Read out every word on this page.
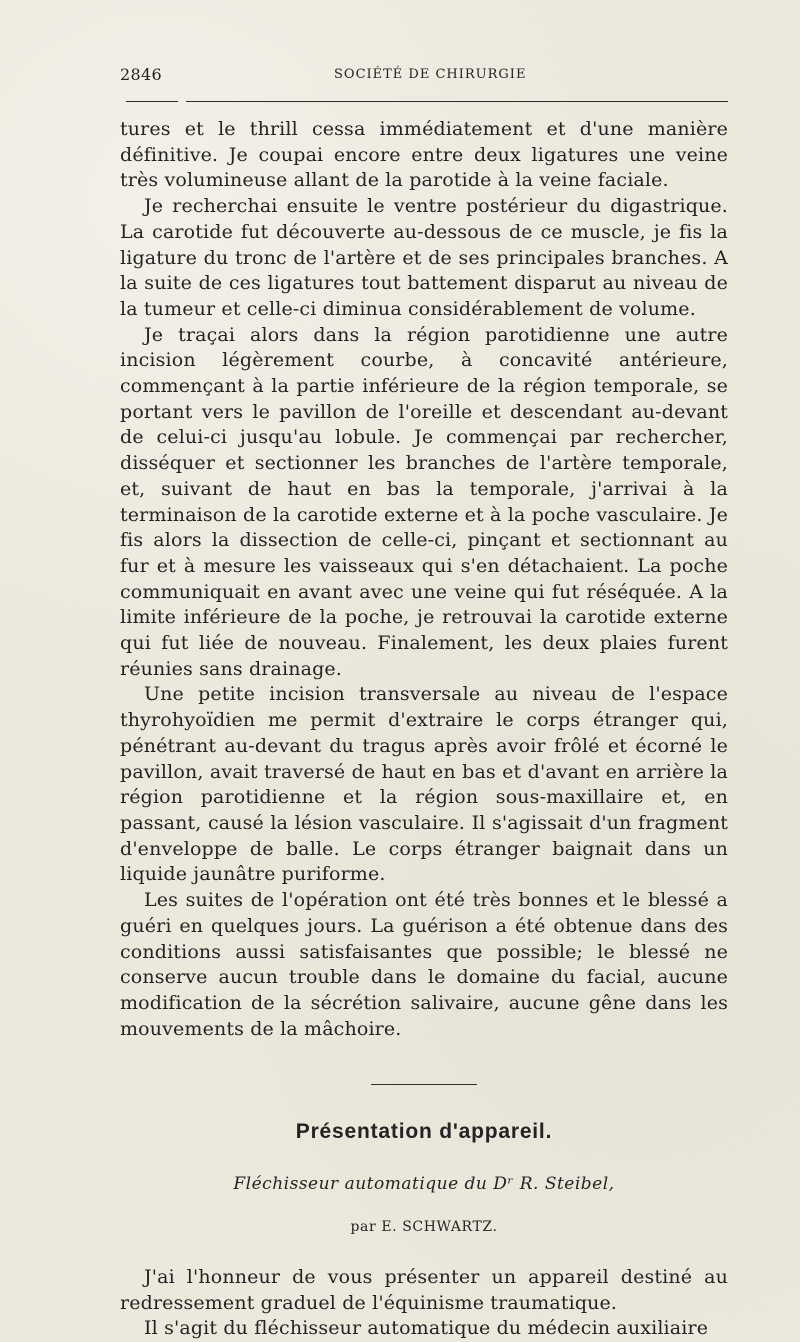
2846	SOCIÉTÉ DE CHIRURGIE

tures et le thrill cessa immédiatement et d'une manière définitive. Je coupai encore entre deux ligatures une veine très volumineuse allant de la parotide à la veine faciale.

Je recherchai ensuite le ventre postérieur du digastrique. La carotide fut découverte au-dessous de ce muscle, je fis la ligature du tronc de l'artère et de ses principales branches. A la suite de ces ligatures tout battement disparut au niveau de la tumeur et celle-ci diminua considérablement de volume.

Je traçai alors dans la région parotidienne une autre incision légèrement courbe, à concavité antérieure, commençant à la partie inférieure de la région temporale, se portant vers le pavillon de l'oreille et descendant au-devant de celui-ci jusqu'au lobule. Je commençai par rechercher, disséquer et sectionner les branches de l'artère temporale, et, suivant de haut en bas la temporale, j'arrivai à la terminaison de la carotide externe et à la poche vasculaire. Je fis alors la dissection de celle-ci, pinçant et sectionnant au fur et à mesure les vaisseaux qui s'en détachaient. La poche communiquait en avant avec une veine qui fut réséquée. A la limite inférieure de la poche, je retrouvai la carotide externe qui fut liée de nouveau. Finalement, les deux plaies furent réunies sans drainage.

Une petite incision transversale au niveau de l'espace thyrohyoïdien me permit d'extraire le corps étranger qui, pénétrant au-devant du tragus après avoir frôlé et écorné le pavillon, avait traversé de haut en bas et d'avant en arrière la région parotidienne et la région sous-maxillaire et, en passant, causé la lésion vasculaire. Il s'agissait d'un fragment d'enveloppe de balle. Le corps étranger baignait dans un liquide jaunâtre puriforme.

Les suites de l'opération ont été très bonnes et le blessé a guéri en quelques jours. La guérison a été obtenue dans des conditions aussi satisfaisantes que possible; le blessé ne conserve aucun trouble dans le domaine du facial, aucune modification de la sécrétion salivaire, aucune gêne dans les mouvements de la mâchoire.

Présentation d'appareil.
Fléchisseur automatique du Dʳ R. Steibel,
par E. SCHWARTZ.

J'ai l'honneur de vous présenter un appareil destiné au redressement graduel de l'équinisme traumatique.

Il s'agit du fléchisseur automatique du médecin auxiliaire
